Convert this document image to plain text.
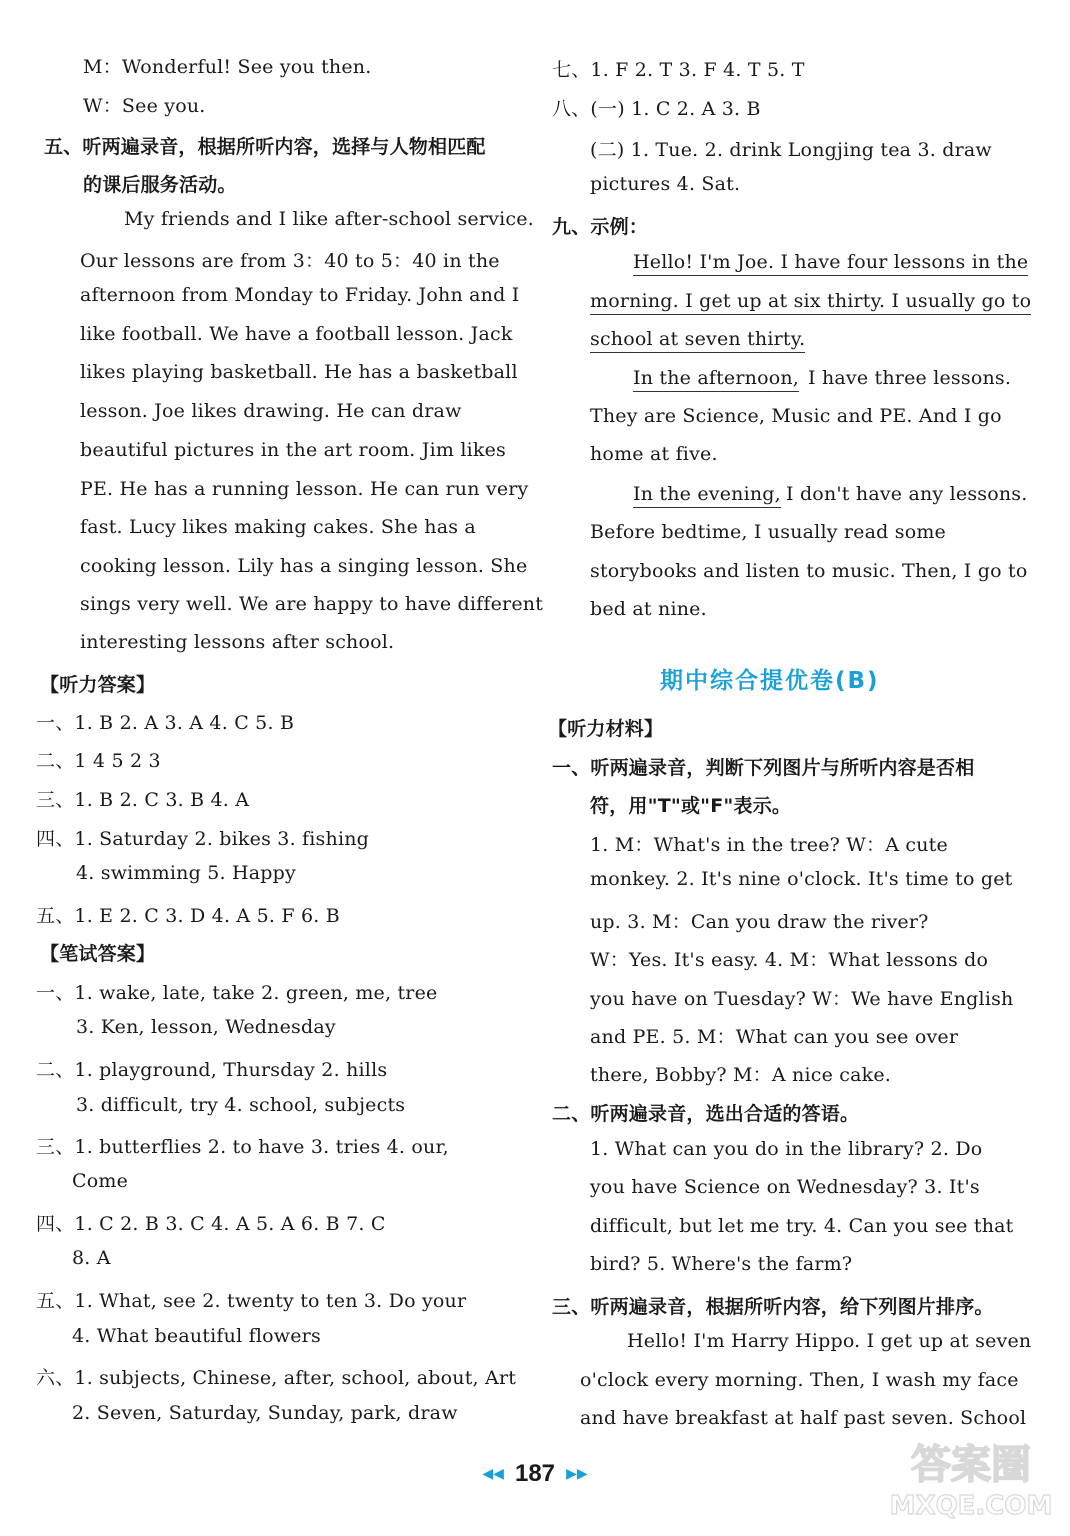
M：Wonderful! See you then.
W：See you.
五、听两遍录音，根据所听内容，选择与人物相匹配
的课后服务活动。
My friends and I like after-school service.
Our lessons are from 3：40 to 5：40 in the
afternoon from Monday to Friday. John and I
like football. We have a football lesson. Jack
likes playing basketball. He has a basketball
lesson. Joe likes drawing. He can draw
beautiful pictures in the art room. Jim likes
PE. He has a running lesson. He can run very
fast. Lucy likes making cakes. She has a
cooking lesson. Lily has a singing lesson. She
sings very well. We are happy to have different
interesting lessons after school.
【听力答案】
一、1. B 2. A 3. A 4. C 5. B
二、1 4 5 2 3
三、1. B 2. C 3. B 4. A
四、1. Saturday 2. bikes 3. fishing
4. swimming 5. Happy
五、1. E 2. C 3. D 4. A 5. F 6. B
【笔试答案】
一、1. wake, late, take 2. green, me, tree
3. Ken, lesson, Wednesday
二、1. playground, Thursday 2. hills
3. difficult, try 4. school, subjects
三、1. butterflies 2. to have 3. tries 4. our,
Come
四、1. C 2. B 3. C 4. A 5. A 6. B 7. C
8. A
五、1. What, see 2. twenty to ten 3. Do your
4. What beautiful flowers
六、1. subjects, Chinese, after, school, about, Art
2. Seven, Saturday, Sunday, park, draw
七、1. F 2. T 3. F 4. T 5. T
八、(一) 1. C 2. A 3. B
(二) 1. Tue. 2. drink Longjing tea 3. draw
pictures 4. Sat.
九、示例：
Hello! I'm Joe. I have four lessons in the
morning. I get up at six thirty. I usually go to
school at seven thirty.
In the afternoon, I have three lessons.
They are Science, Music and PE. And I go
home at five.
In the evening, I don't have any lessons.
Before bedtime, I usually read some
storybooks and listen to music. Then, I go to
bed at nine.
【听力材料】
一、听两遍录音，判断下列图片与所听内容是否相
符，用"T"或"F"表示。
1. M：What's in the tree? W：A cute
monkey. 2. It's nine o'clock. It's time to get
up. 3. M：Can you draw the river?
W：Yes. It's easy. 4. M：What lessons do
you have on Tuesday? W：We have English
and PE. 5. M：What can you see over
there, Bobby? M：A nice cake.
二、听两遍录音，选出合适的答语。
1. What can you do in the library? 2. Do
you have Science on Wednesday? 3. It's
difficult, but let me try. 4. Can you see that
bird? 5. Where's the farm?
三、听两遍录音，根据所听内容，给下列图片排序。
Hello! I'm Harry Hippo. I get up at seven
o'clock every morning. Then, I wash my face
and have breakfast at half past seven. School
期中综合提优卷(B)
◀◀ 187 ▶▶	答案圈
MXQE.COM
